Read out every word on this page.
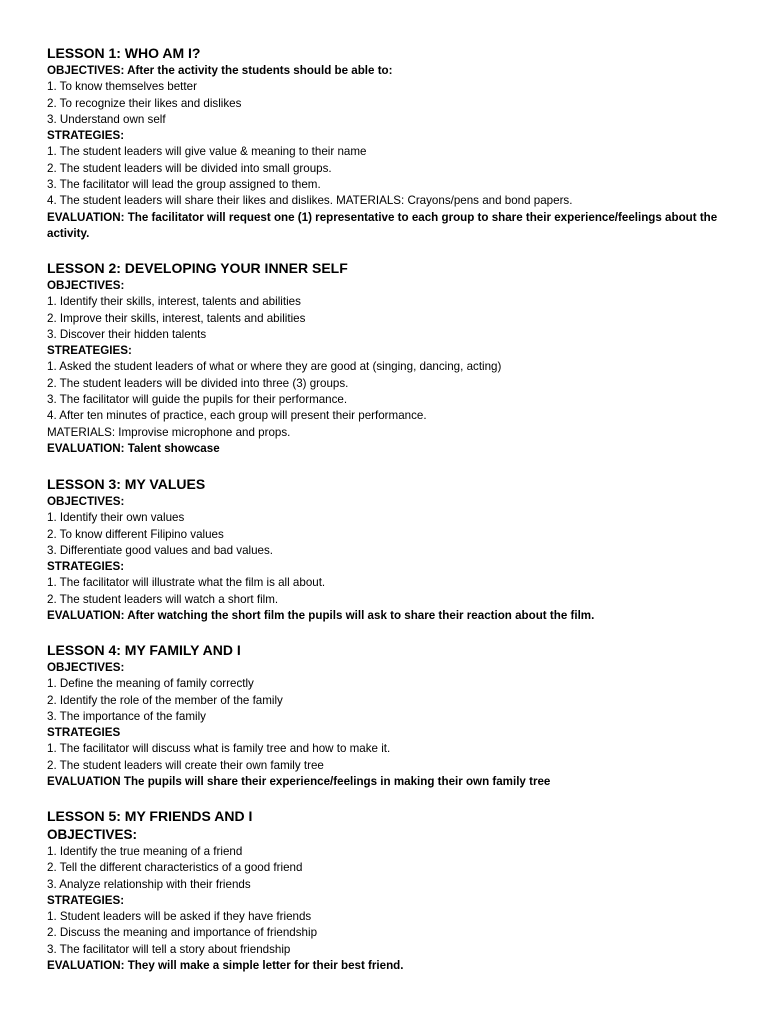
LESSON 1: WHO AM I?
OBJECTIVES: After the activity the students should be able to:
1. To know themselves better
2. To recognize their likes and dislikes
3. Understand own self
STRATEGIES:
1. The student leaders will give value & meaning to their name
2. The student leaders will be divided into small groups.
3. The facilitator will lead the group assigned to them.
4. The student leaders will share their likes and dislikes. MATERIALS: Crayons/pens and bond papers.
EVALUATION: The facilitator will request one (1) representative to each group to share their experience/feelings about the activity.
LESSON 2: DEVELOPING YOUR INNER SELF
OBJECTIVES:
1. Identify their skills, interest, talents and abilities
2. Improve their skills, interest, talents and abilities
3. Discover their hidden talents
STREATEGIES:
1. Asked the student leaders of what or where they are good at (singing, dancing, acting)
2. The student leaders will be divided into three (3) groups.
3. The facilitator will guide the pupils for their performance.
4. After ten minutes of practice, each group will present their performance.
MATERIALS: Improvise microphone and props.
EVALUATION: Talent showcase
LESSON 3: MY VALUES
OBJECTIVES:
1. Identify their own values
2. To know different Filipino values
3. Differentiate good values and bad values.
STRATEGIES:
1. The facilitator will illustrate what the film is all about.
2. The student leaders will watch a short film.
EVALUATION: After watching the short film the pupils will ask to share their reaction about the film.
LESSON 4: MY FAMILY AND I
OBJECTIVES:
1. Define the meaning of family correctly
2. Identify the role of the member of the family
3. The importance of the family
STRATEGIES
1. The facilitator will discuss what is family tree and how to make it.
2. The student leaders will create their own family tree
EVALUATION The pupils will share their experience/feelings in making their own family tree
LESSON 5: MY FRIENDS AND I
OBJECTIVES:
1. Identify the true meaning of a friend
2. Tell the different characteristics of a good friend
3. Analyze relationship with their friends
STRATEGIES:
1. Student leaders will be asked if they have friends
2. Discuss the meaning and importance of friendship
3. The facilitator will tell a story about friendship
EVALUATION: They will make a simple letter for their best friend.
